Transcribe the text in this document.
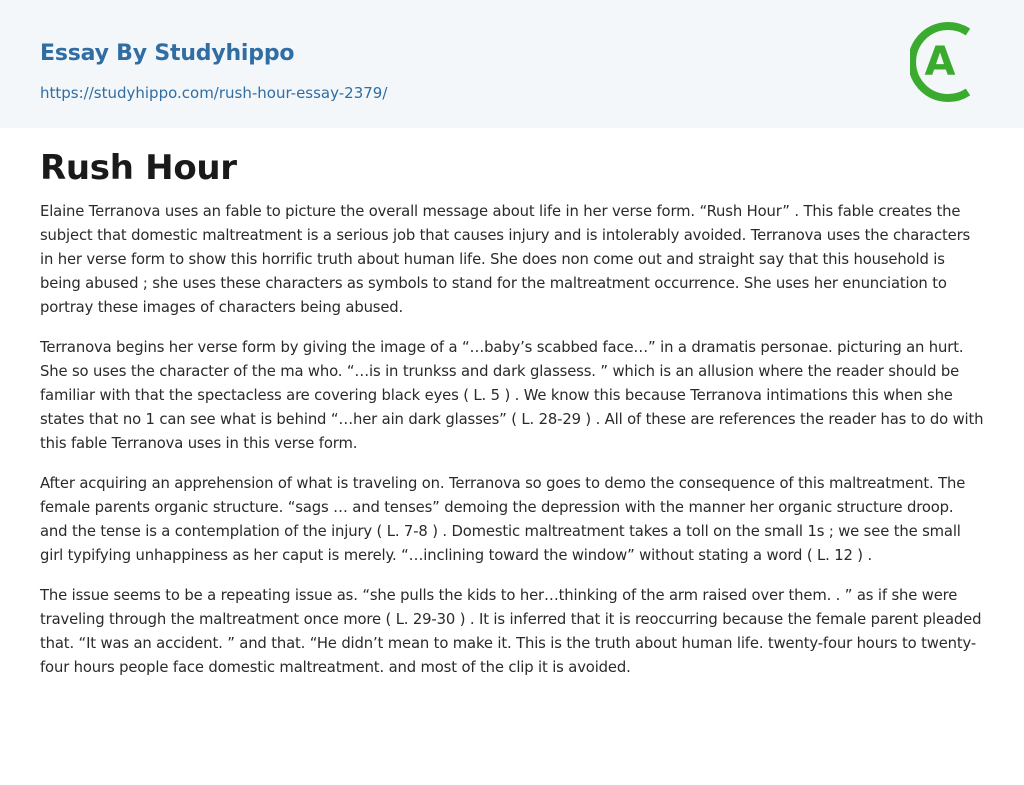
Essay By Studyhippo
https://studyhippo.com/rush-hour-essay-2379/
A
Rush Hour

Elaine Terranova uses an fable to picture the overall message about life in her verse form. “Rush Hour” . This fable creates the subject that domestic maltreatment is a serious job that causes injury and is intolerably avoided. Terranova uses the characters in her verse form to show this horrific truth about human life. She does non come out and straight say that this household is being abused ; she uses these characters as symbols to stand for the maltreatment occurrence. She uses her enunciation to portray these images of characters being abused.

Terranova begins her verse form by giving the image of a “…baby’s scabbed face…” in a dramatis personae. picturing an hurt. She so uses the character of the ma who. “…is in trunkss and dark glassess. ” which is an allusion where the reader should be familiar with that the spectacless are covering black eyes ( L. 5 ) . We know this because Terranova intimations this when she states that no 1 can see what is behind “…her ain dark glasses” ( L. 28-29 ) . All of these are references the reader has to do with this fable Terranova uses in this verse form.

After acquiring an apprehension of what is traveling on. Terranova so goes to demo the consequence of this maltreatment. The female parents organic structure. “sags … and tenses” demoing the depression with the manner her organic structure droop. and the tense is a contemplation of the injury ( L. 7-8 ) . Domestic maltreatment takes a toll on the small 1s ; we see the small girl typifying unhappiness as her caput is merely. “…inclining toward the window” without stating a word ( L. 12 ) .

The issue seems to be a repeating issue as. “she pulls the kids to her…thinking of the arm raised over them. . ” as if she were traveling through the maltreatment once more ( L. 29-30 ) . It is inferred that it is reoccurring because the female parent pleaded that. “It was an accident. ” and that. “He didn’t mean to make it. This is the truth about human life. twenty-four hours to twenty-four hours people face domestic maltreatment. and most of the clip it is avoided.
